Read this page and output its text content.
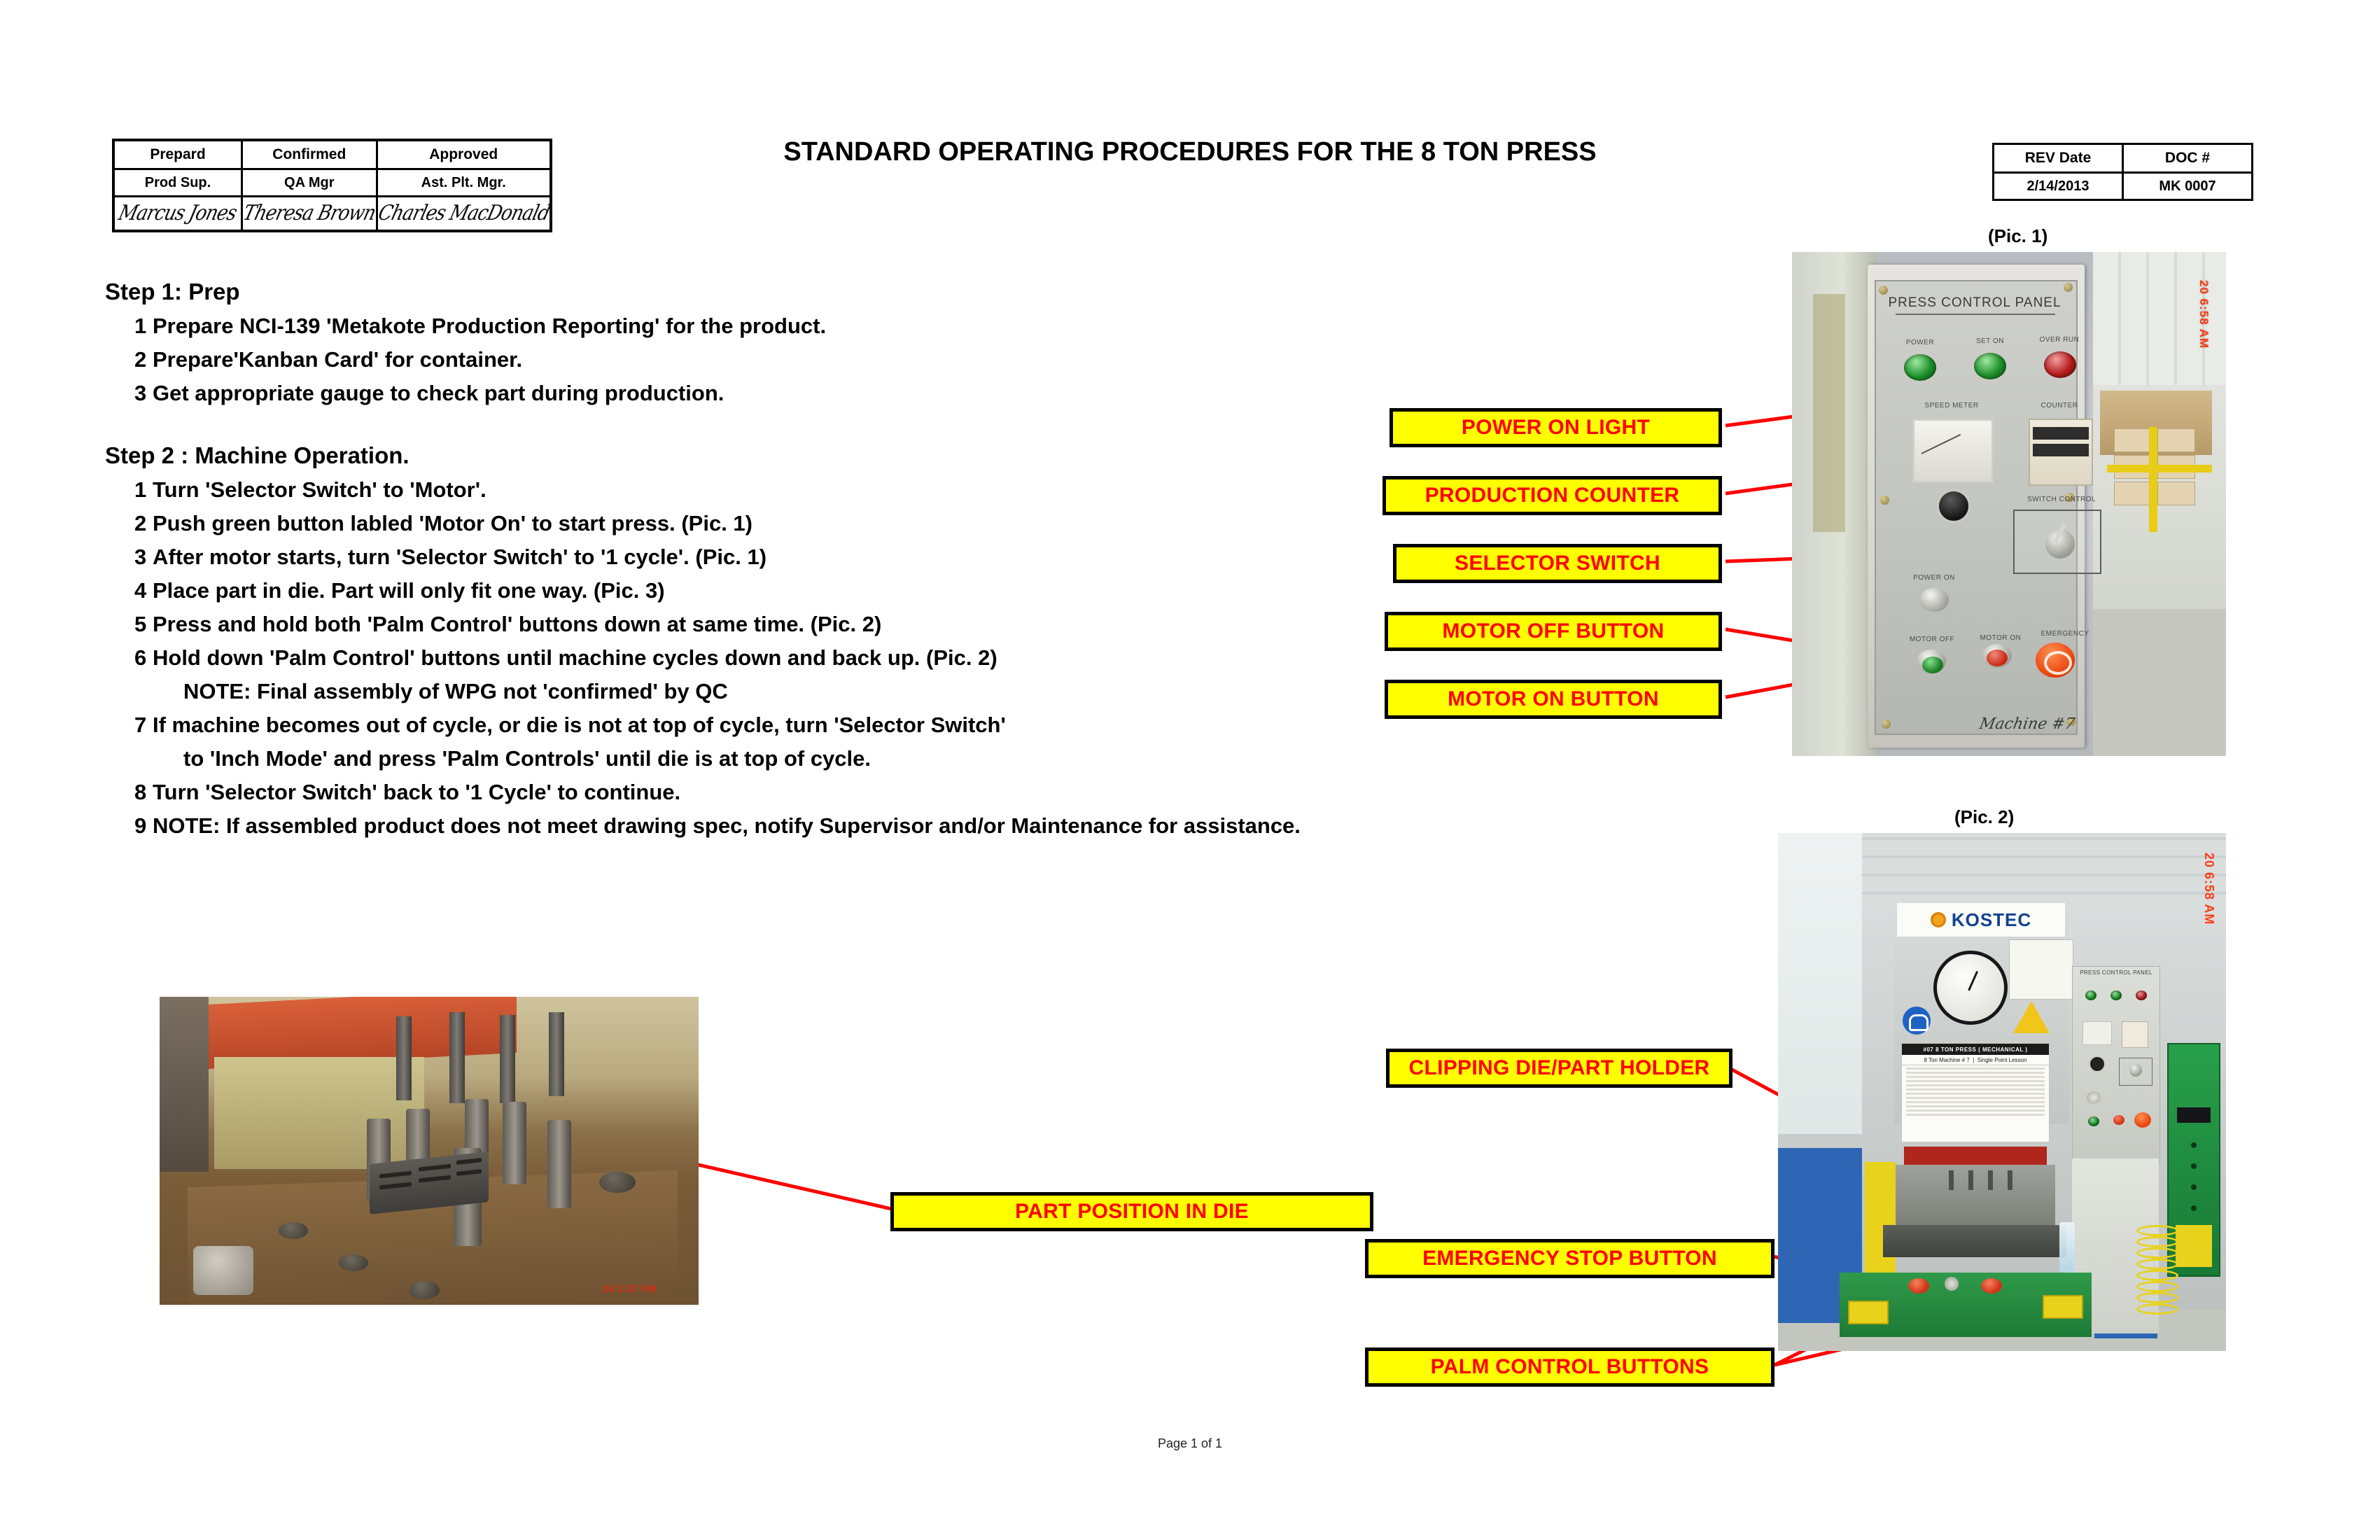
Prepard	Confirmed	Approved
Prod Sup.	QA Mgr	Ast. Plt. Mgr.
Marcus Jones	Theresa Brown	Charles MacDonald
STANDARD OPERATING PROCEDURES FOR THE 8 TON PRESS	REV Date	DOC #
2/14/2013	MK 0007
Step 1: Prep
1 Prepare NCI-139 'Metakote Production Reporting' for the product.
2 Prepare'Kanban Card' for container.
3 Get appropriate gauge to check part during production.
Step 2 : Machine Operation.
1 Turn 'Selector Switch' to 'Motor'.
2 Push green button labled 'Motor On' to start press. (Pic. 1)
3 After motor starts, turn 'Selector Switch' to '1 cycle'. (Pic. 1)
4 Place part in die. Part will only fit one way. (Pic. 3)
5 Press and hold both 'Palm Control' buttons down at same time. (Pic. 2)
6 Hold down 'Palm Control' buttons until machine cycles down and back up. (Pic. 2)
NOTE: Final assembly of WPG not 'confirmed' by QC
7 If machine becomes out of cycle, or die is not at top of cycle, turn 'Selector Switch'
to 'Inch Mode' and press 'Palm Controls' until die is at top of cycle.
8 Turn 'Selector Switch' back to '1 Cycle' to continue.
9 NOTE: If assembled product does not meet drawing spec, notify Supervisor and/or Maintenance for assistance.
POWER ON LIGHT
PRODUCTION COUNTER
SELECTOR SWITCH
MOTOR OFF BUTTON
MOTOR ON BUTTON
CLIPPING DIE/PART HOLDER
PART POSITION IN DIE
EMERGENCY STOP BUTTON
PALM CONTROL BUTTONS
(Pic. 1)
20 6:58 AM
PRESS CONTROL PANEL
POWER	SET ON	OVER RUN
SPEED METER	COUNTER
SWITCH CONTROL
POWER ON
MOTOR OFF	MOTOR ON
EMERGENCY
Machine #7
(Pic. 2)
KOSTEC
#07 8 TON PRESS ( MECHANICAL )
8 Ton Machine # 7 | Single Point Lesson
PRESS CONTROL PANEL
20 6:58 AM
24 2:37 PM
Page 1 of 1
